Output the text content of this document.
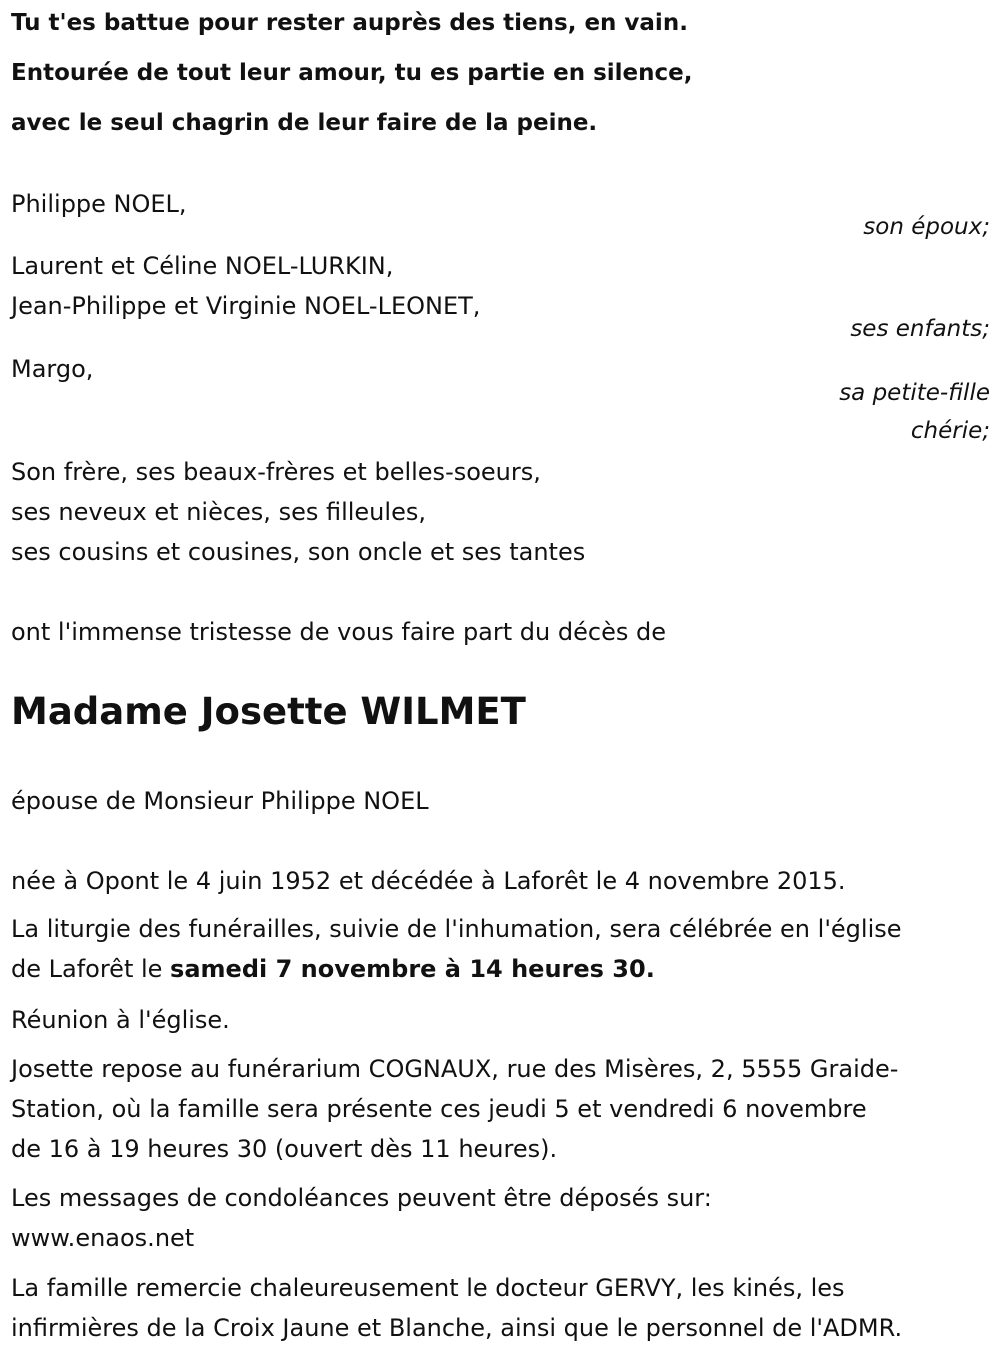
Tu t'es battue pour rester auprès des tiens, en vain.
Entourée de tout leur amour, tu es partie en silence,
avec le seul chagrin de leur faire de la peine.
Philippe NOEL,
son époux;
Laurent et Céline NOEL-LURKIN,
Jean-Philippe et Virginie NOEL-LEONET,
ses enfants;
Margo,
sa petite-fille
chérie;
Son frère, ses beaux-frères et belles-soeurs,
ses neveux et nièces, ses filleules,
ses cousins et cousines, son oncle et ses tantes
ont l'immense tristesse de vous faire part du décès de
Madame Josette WILMET
épouse de Monsieur Philippe NOEL
née à Opont le 4 juin 1952 et décédée à Laforêt le 4 novembre 2015.
La liturgie des funérailles, suivie de l'inhumation, sera célébrée en l'église
de Laforêt le samedi 7 novembre à 14 heures 30.
Réunion à l'église.
Josette repose au funérarium COGNAUX, rue des Misères, 2, 5555 Graide-
Station, où la famille sera présente ces jeudi 5 et vendredi 6 novembre
de 16 à 19 heures 30 (ouvert dès 11 heures).
Les messages de condoléances peuvent être déposés sur:
www.enaos.net
La famille remercie chaleureusement le docteur GERVY, les kinés, les
infirmières de la Croix Jaune et Blanche, ainsi que le personnel de l'ADMR.
